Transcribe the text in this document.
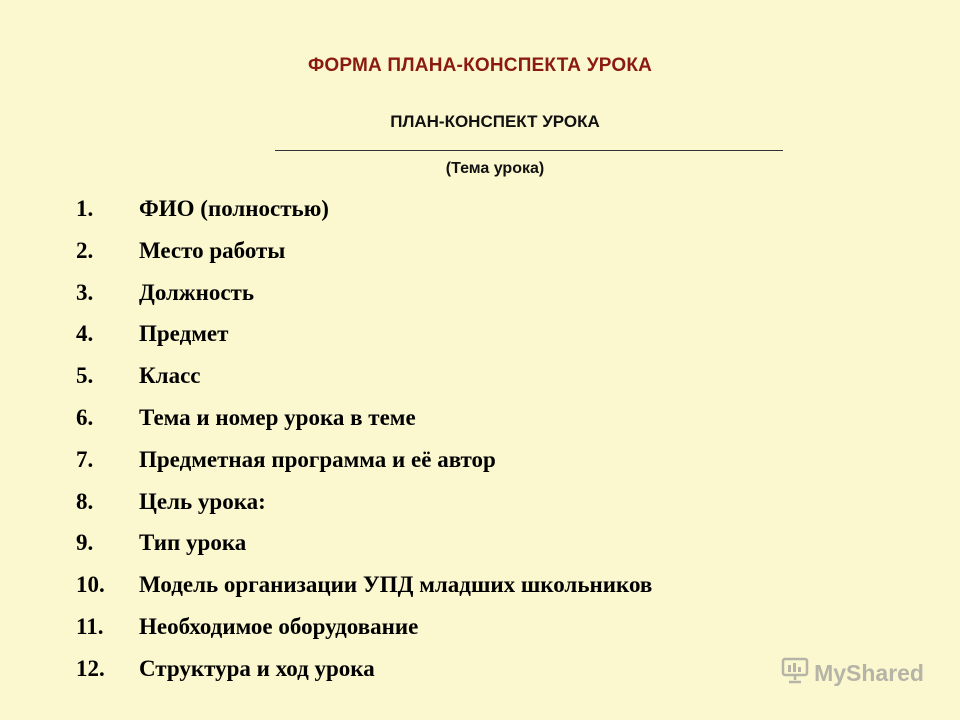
ФОРМА ПЛАНА-КОНСПЕКТА УРОКА
ПЛАН-КОНСПЕКТ УРОКА
(Тема урока)
1. ФИО (полностью)
2. Место работы
3. Должность
4. Предмет
5. Класс
6. Тема и номер урока в теме
7. Предметная программа и её автор
8. Цель урока:
9. Тип урока
10. Модель организации УПД младших школьников
11. Необходимое оборудование
12. Структура и ход урока	MyShared
